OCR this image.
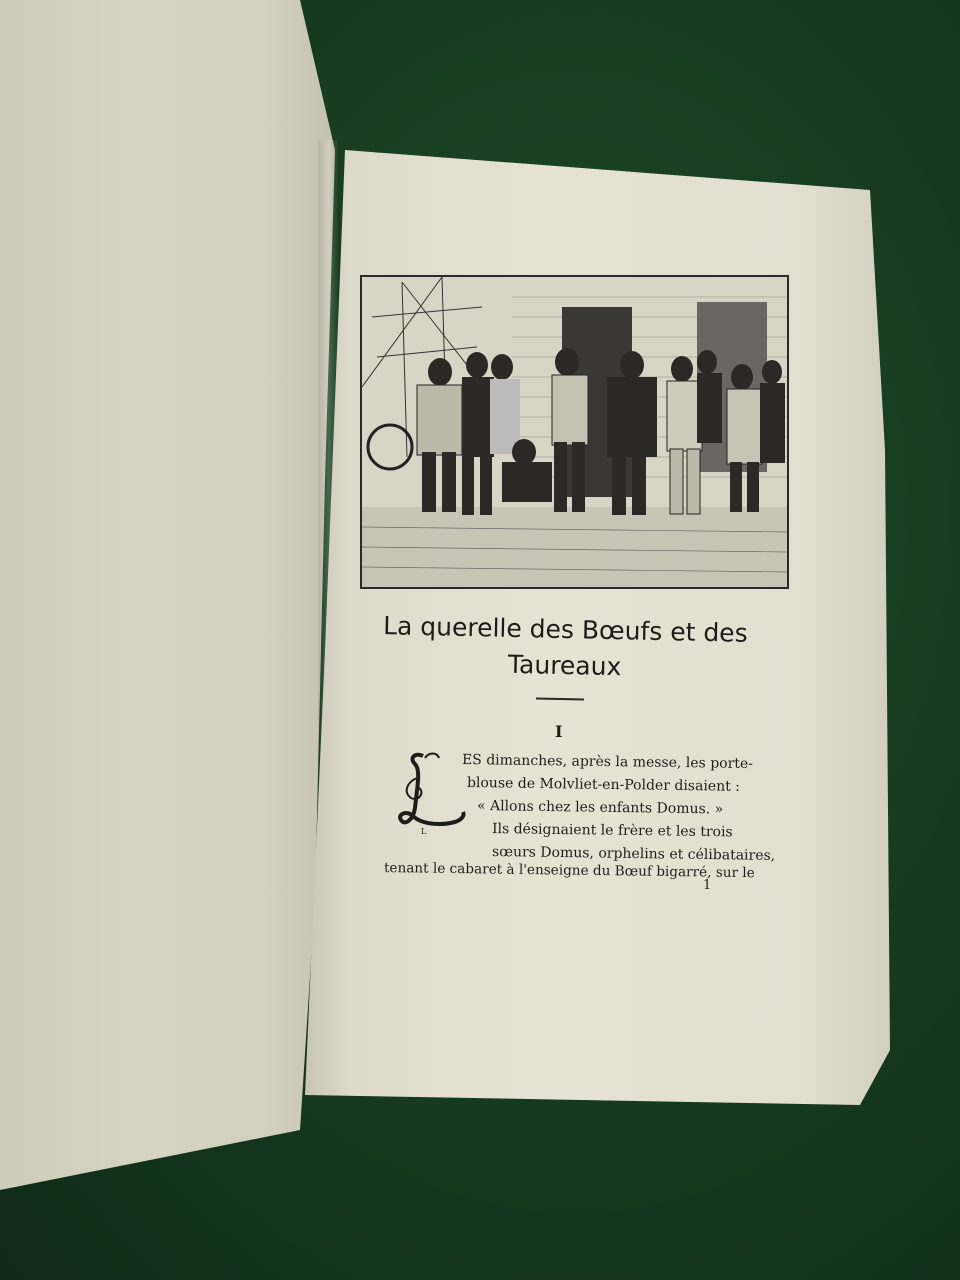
La querelle des Bœufs et des
Taureaux
I
L
ES dimanches, après la messe, les porte-
blouse de Molvliet-en-Polder disaient :
« Allons chez les enfants Domus. »
Ils désignaient le frère et les trois
sœurs Domus, orphelins et célibataires,
tenant le cabaret à l'enseigne du Bœuf bigarré, sur le
1
